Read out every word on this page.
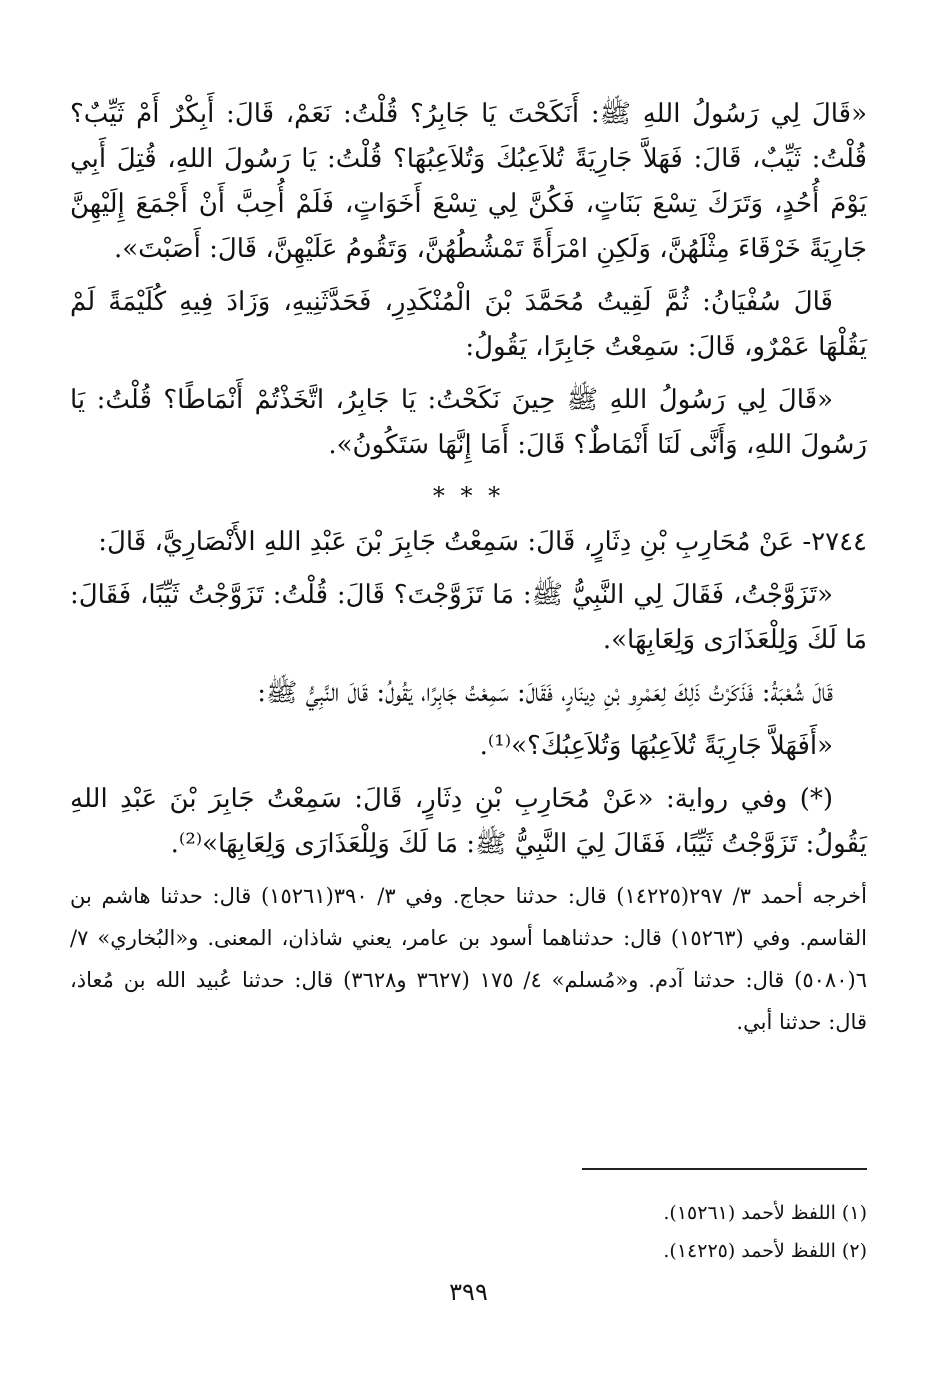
«قَالَ لِي رَسُولُ اللهِ ﷺ: أَنَكَحْتَ يَا جَابِرُ؟ قُلْتُ: نَعَمْ، قَالَ: أَبِكْرٌ أَمْ ثَيِّبٌ؟ قُلْتُ: ثَيِّبٌ، قَالَ: فَهَلاَّ جَارِيَةً تُلاَعِبُكَ وَتُلاَعِبُهَا؟ قُلْتُ: يَا رَسُولَ اللهِ، قُتِلَ أَبِي يَوْمَ أُحُدٍ، وَتَرَكَ تِسْعَ بَنَاتٍ، فَكُنَّ لِي تِسْعَ أَخَوَاتٍ، فَلَمْ أُحِبَّ أَنْ أَجْمَعَ إِلَيْهِنَّ جَارِيَةً خَرْقَاءَ مِثْلَهُنَّ، وَلَكِنِ امْرَأَةً تَمْشُطُهُنَّ، وَتَقُومُ عَلَيْهِنَّ، قَالَ: أَصَبْتَ».

قَالَ سُفْيَانُ: ثُمَّ لَقِيتُ مُحَمَّدَ بْنَ الْمُنْكَدِرِ، فَحَدَّثَنِيهِ، وَزَادَ فِيهِ كُلَيْمَةً لَمْ يَقُلْهَا عَمْرٌو، قَالَ: سَمِعْتُ جَابِرًا، يَقُولُ:

«قَالَ لِي رَسُولُ اللهِ ﷺ حِينَ نَكَحْتُ: يَا جَابِرُ، اتَّخَذْتُمْ أَنْمَاطًا؟ قُلْتُ: يَا رَسُولَ اللهِ، وَأَنَّى لَنَا أَنْمَاطٌ؟ قَالَ: أَمَا إِنَّهَا سَتَكُونُ».

* * *

٢٧٤٤- عَنْ مُحَارِبِ بْنِ دِثَارٍ، قَالَ: سَمِعْتُ جَابِرَ بْنَ عَبْدِ اللهِ الأَنْصَارِيَّ، قَالَ:

«تَزَوَّجْتُ، فَقَالَ لِي النَّبِيُّ ﷺ: مَا تَزَوَّجْتَ؟ قَالَ: قُلْتُ: تَزَوَّجْتُ ثَيِّبًا، فَقَالَ: مَا لَكَ وَلِلْعَذَارَى وَلِعَابِهَا».

قَالَ شُعْبَةُ: فَذَكَرْتُ ذَلِكَ لِعَمْرِو بْنِ دِينَارٍ، فَقَالَ: سَمِعْتُ جَابِرًا، يَقُولُ: قَالَ النَّبِيُّ ﷺ:

«أَفَهَلاَّ جَارِيَةً تُلاَعِبُهَا وَتُلاَعِبُكَ؟»⁽¹⁾.

(*) وفي رواية: «عَنْ مُحَارِبِ بْنِ دِثَارٍ، قَالَ: سَمِعْتُ جَابِرَ بْنَ عَبْدِ اللهِ يَقُولُ: تَزَوَّجْتُ ثَيِّبًا، فَقَالَ لِيَ النَّبِيُّ ﷺ: مَا لَكَ وَلِلْعَذَارَى وَلِعَابِهَا»⁽²⁾.

أخرجه أحمد ٣/ ٢٩٧(١٤٢٢٥) قال: حدثنا حجاج. وفي ٣/ ٣٩٠(١٥٢٦١) قال: حدثنا هاشم بن القاسم. وفي (١٥٢٦٣) قال: حدثناهما أسود بن عامر، يعني شاذان، المعنى. و«البُخاري» ٧/ ٦(٥٠٨٠) قال: حدثنا آدم. و«مُسلم» ٤/ ١٧٥ (٣٦٢٧ و٣٦٢٨) قال: حدثنا عُبيد الله بن مُعاذ، قال: حدثنا أبي.

(١) اللفظ لأحمد (١٥٢٦١).

(٢) اللفظ لأحمد (١٤٢٢٥).

٣٩٩
